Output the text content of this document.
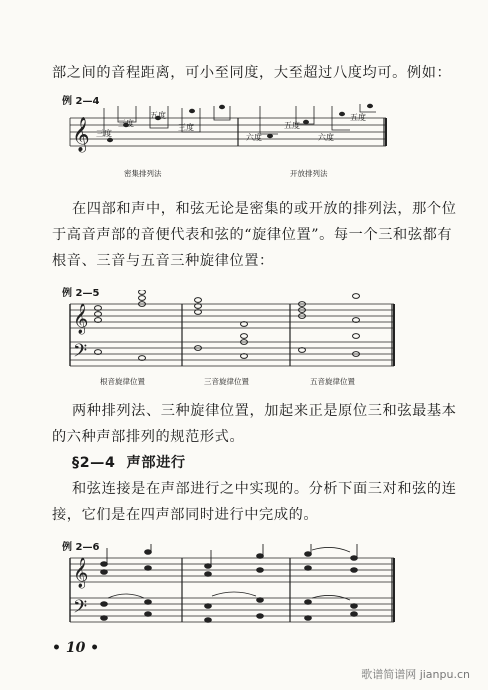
部之间的音程距离，可小至同度，大至超过八度均可。例如：
例 2—4
𝄞 三度
三度
五度
三度
六度
五度
六度
五度
密集排列法	开放排列法
在四部和声中，和弦无论是密集的或开放的排列法，那个位
于高音声部的音便代表和弦的“旋律位置”。每一个三和弦都有
根音、三音与五音三种旋律位置：
例 2—5
𝄞
𝄢
根音旋律位置	三音旋律位置	五音旋律位置
两种排列法、三种旋律位置，加起来正是原位三和弦最基本
的六种声部排列的规范形式。
§2—4 声部进行
和弦连接是在声部进行之中实现的。分析下面三对和弦的连
接，它们是在四声部同时进行中完成的。
例 2—6
𝄞
𝄢
• 10 •
歌谱简谱网 jianpu.cn
